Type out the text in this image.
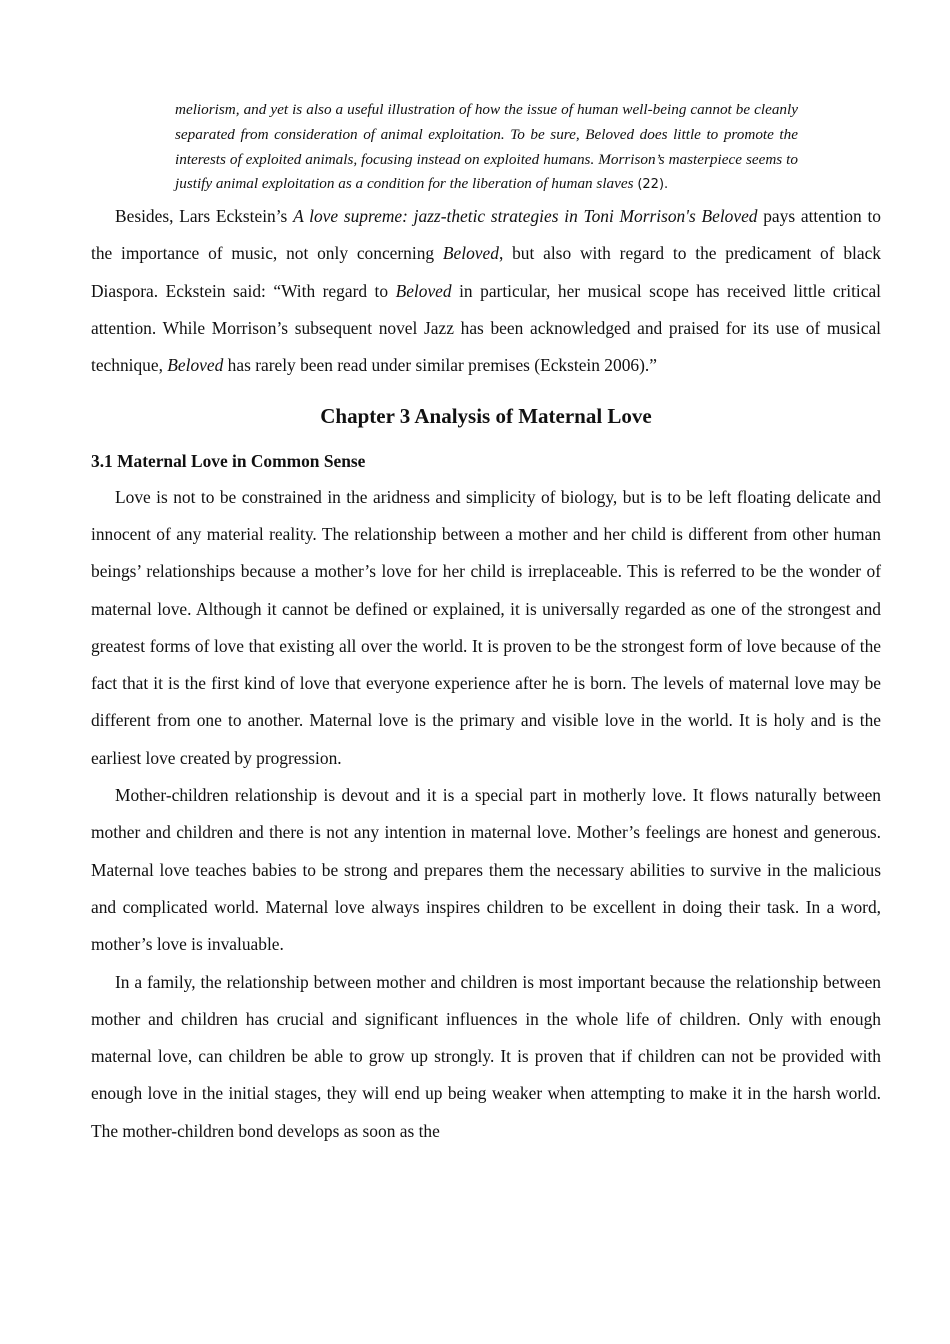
meliorism, and yet is also a useful illustration of how the issue of human well-being cannot be cleanly separated from consideration of animal exploitation. To be sure, Beloved does little to promote the interests of exploited animals, focusing instead on exploited humans. Morrison’s masterpiece seems to justify animal exploitation as a condition for the liberation of human slaves (22).

Besides, Lars Eckstein’s A love supreme: jazz-thetic strategies in Toni Morrison's Beloved pays attention to the importance of music, not only concerning Beloved, but also with regard to the predicament of black Diaspora. Eckstein said: “With regard to Beloved in particular, her musical scope has received little critical attention. While Morrison’s subsequent novel Jazz has been acknowledged and praised for its use of musical technique, Beloved has rarely been read under similar premises (Eckstein 2006).”

Chapter 3 Analysis of Maternal Love
3.1 Maternal Love in Common Sense

Love is not to be constrained in the aridness and simplicity of biology, but is to be left floating delicate and innocent of any material reality. The relationship between a mother and her child is different from other human beings’ relationships because a mother’s love for her child is irreplaceable. This is referred to be the wonder of maternal love. Although it cannot be defined or explained, it is universally regarded as one of the strongest and greatest forms of love that existing all over the world. It is proven to be the strongest form of love because of the fact that it is the first kind of love that everyone experience after he is born. The levels of maternal love may be different from one to another. Maternal love is the primary and visible love in the world. It is holy and is the earliest love created by progression.

Mother-children relationship is devout and it is a special part in motherly love. It flows naturally between mother and children and there is not any intention in maternal love. Mother’s feelings are honest and generous. Maternal love teaches babies to be strong and prepares them the necessary abilities to survive in the malicious and complicated world. Maternal love always inspires children to be excellent in doing their task. In a word, mother’s love is invaluable.

In a family, the relationship between mother and children is most important because the relationship between mother and children has crucial and significant influences in the whole life of children. Only with enough maternal love, can children be able to grow up strongly. It is proven that if children can not be provided with enough love in the initial stages, they will end up being weaker when attempting to make it in the harsh world. The mother-children bond develops as soon as the
